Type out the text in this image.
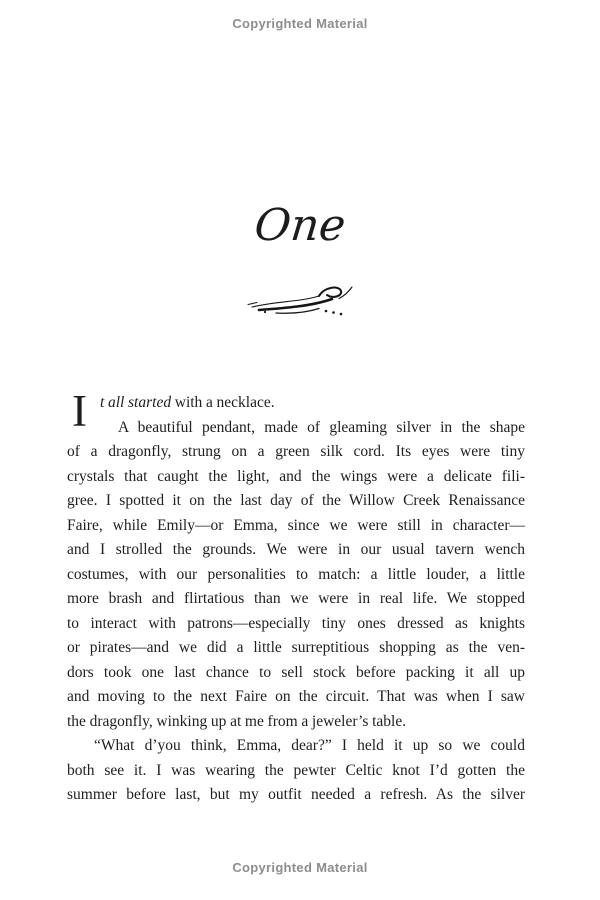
Copyrighted Material
One
I t all started with a necklace.
A beautiful pendant, made of gleaming silver in the shape
of a dragonfly, strung on a green silk cord. Its eyes were tiny
crystals that caught the light, and the wings were a delicate fili-
gree. I spotted it on the last day of the Willow Creek Renaissance
Faire, while Emily—or Emma, since we were still in character—
and I strolled the grounds. We were in our usual tavern wench
costumes, with our personalities to match: a little louder, a little
more brash and flirtatious than we were in real life. We stopped
to interact with patrons—especially tiny ones dressed as knights
or pirates—and we did a little surreptitious shopping as the ven-
dors took one last chance to sell stock before packing it all up
and moving to the next Faire on the circuit. That was when I saw
the dragonfly, winking up at me from a jeweler’s table.
“What d’you think, Emma, dear?” I held it up so we could
both see it. I was wearing the pewter Celtic knot I’d gotten the
summer before last, but my outfit needed a refresh. As the silver
Copyrighted Material
